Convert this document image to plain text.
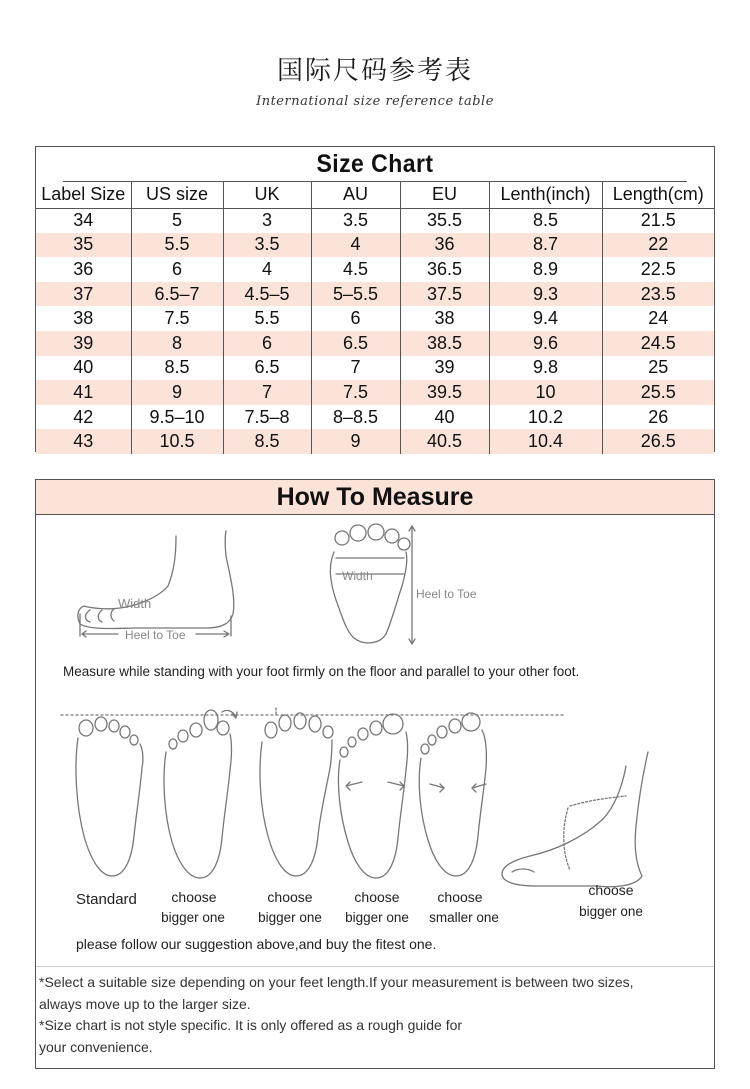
国际尺码参考表
International size reference table
Size Chart
Label Size	US size	UK	AU	EU	Lenth(inch)	Length(cm)
34	5	3	3.5	35.5	8.5	21.5
35	5.5	3.5	4	36	8.7	22
36	6	4	4.5	36.5	8.9	22.5
37	6.5–7	4.5–5	5–5.5	37.5	9.3	23.5
38	7.5	5.5	6	38	9.4	24
39	8	6	6.5	38.5	9.6	24.5
40	8.5	6.5	7	39	9.8	25
41	9	7	7.5	39.5	10	25.5
42	9.5–10	7.5–8	8–8.5	40	10.2	26
43	10.5	8.5	9	40.5	10.4	26.5
How To Measure
Width
Heel to Toe
Width
Heel to Toe
Measure while standing with your foot firmly on the floor and parallel to your other foot.
Standard choose
bigger one
choose
bigger one
choose
bigger one
choose
smaller one
choose
bigger one
please follow our suggestion above,and buy the fitest one.

*Select a suitable size depending on your feet length.If your measurement is between two sizes,

always move up to the larger size.

*Size chart is not style specific. It is only offered as a rough guide for

your convenience.
